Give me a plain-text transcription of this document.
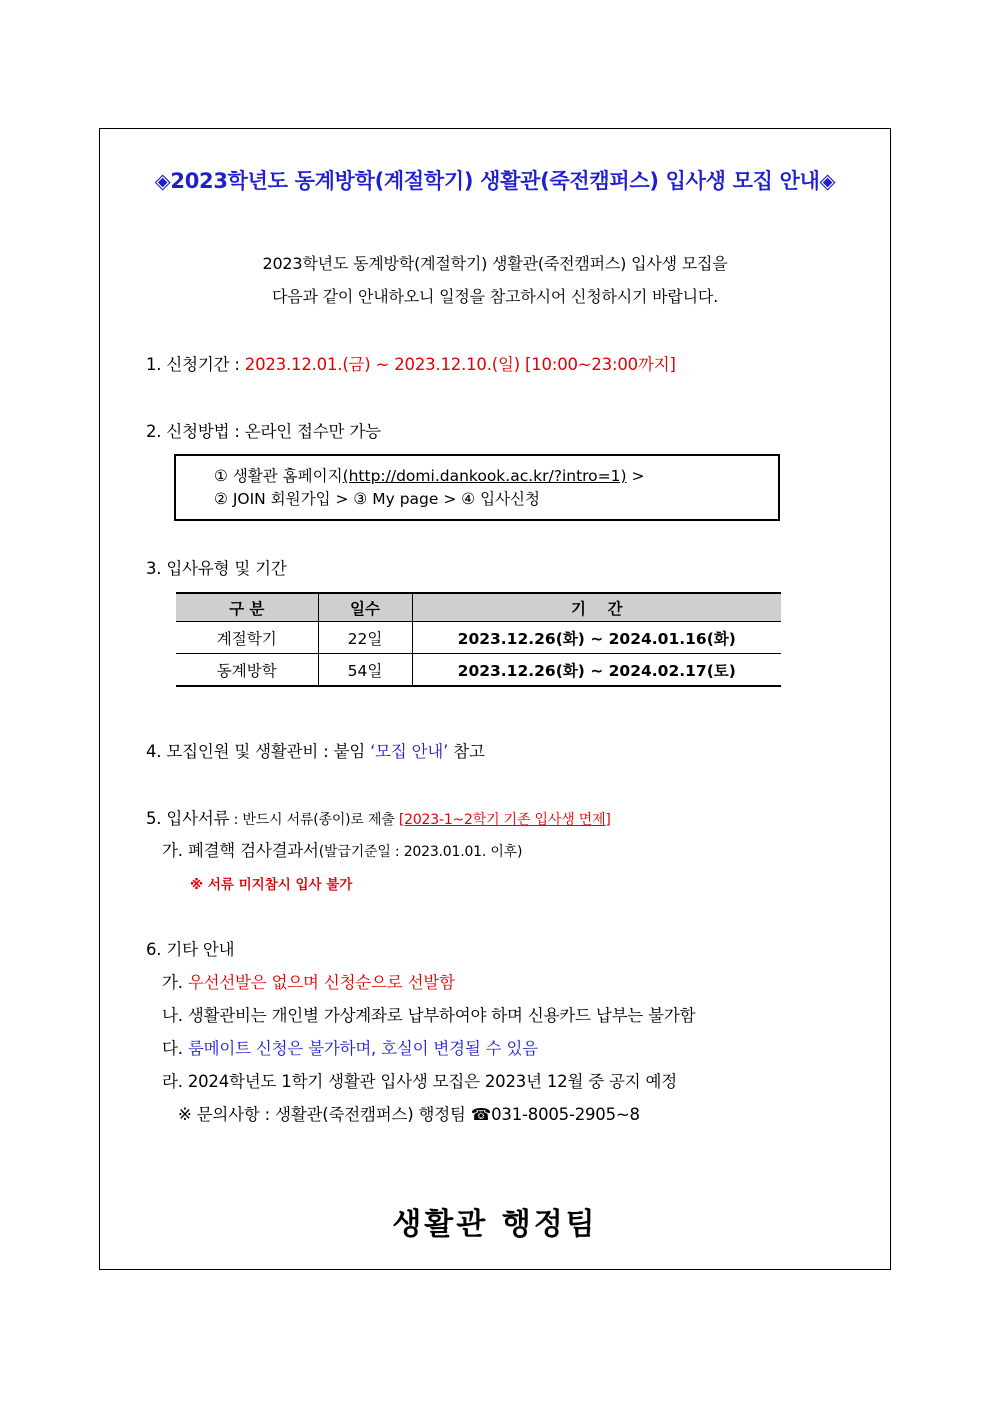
◈2023학년도 동계방학(계절학기) 생활관(죽전캠퍼스) 입사생 모집 안내◈
2023학년도 동계방학(계절학기) 생활관(죽전캠퍼스) 입사생 모집을
다음과 같이 안내하오니 일정을 참고하시어 신청하시기 바랍니다.
1. 신청기간 : 2023.12.01.(금) ~ 2023.12.10.(일) [10:00~23:00까지]
2. 신청방법 : 온라인 접수만 가능
① 생활관 홈페이지(http://domi.dankook.ac.kr/?intro=1) >
② JOIN 회원가입 > ③ My page > ④ 입사신청
3. 입사유형 및 기간
구 분	일수	기    간
계절학기	22일	2023.12.26(화) ~ 2024.01.16(화)
동계방학	54일	2023.12.26(화) ~ 2024.02.17(토)
4. 모집인원 및 생활관비 : 붙임 ‘모집 안내’ 참고
5. 입사서류 : 반드시 서류(종이)로 제출 [2023-1~2학기 기존 입사생 면제]
가. 폐결핵 검사결과서(발급기준일 : 2023.01.01. 이후)
※ 서류 미지참시 입사 불가
6. 기타 안내
가. 우선선발은 없으며 신청순으로 선발함
나. 생활관비는 개인별 가상계좌로 납부하여야 하며 신용카드 납부는 불가함
다. 룸메이트 신청은 불가하며, 호실이 변경될 수 있음
라. 2024학년도 1학기 생활관 입사생 모집은 2023년 12월 중 공지 예정
※ 문의사항 : 생활관(죽전캠퍼스) 행정팀 ☎031-8005-2905~8
생활관 행정팀
